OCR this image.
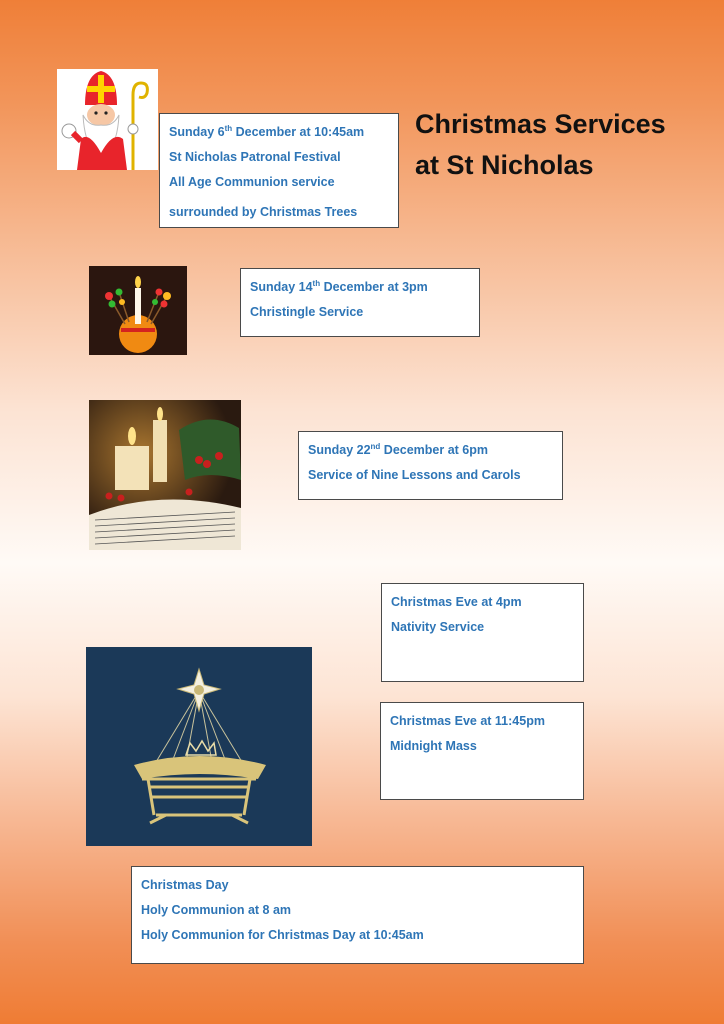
Christmas Services
at St Nicholas
Sunday 6th December at 10:45am
St Nicholas Patronal Festival
All Age Communion service
surrounded by Christmas Trees
Sunday 14th December at 3pm
Christingle Service
Sunday 22nd December at 6pm
Service of Nine Lessons and Carols
Christmas Eve at 4pm
Nativity Service
Christmas Eve at 11:45pm
Midnight Mass
Christmas Day
Holy Communion at 8 am
Holy Communion for Christmas Day at 10:45am
